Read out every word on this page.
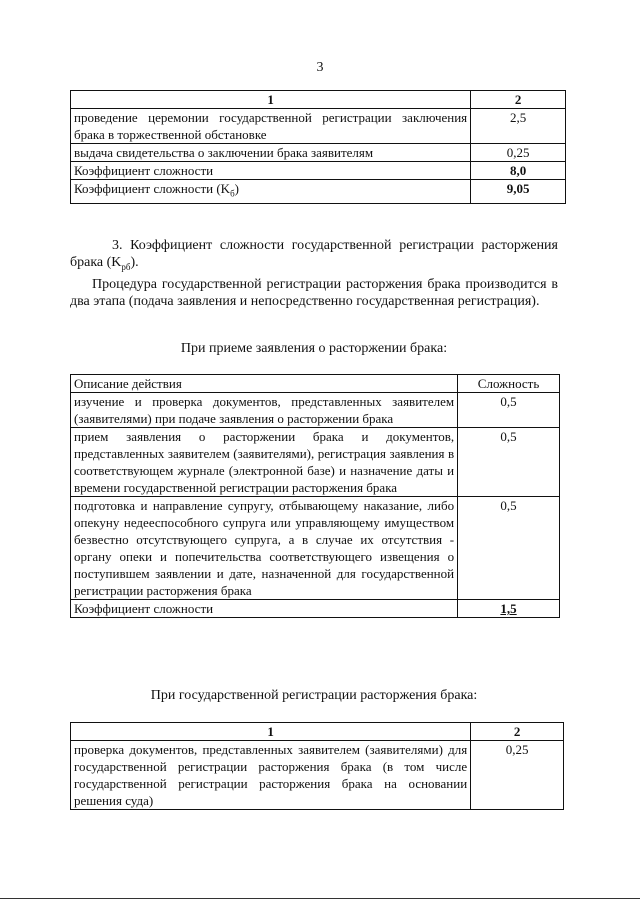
3
1	2
проведение церемонии государственной регистрации заключения брака в торжественной обстановке	2,5
выдача свидетельства о заключении брака заявителям	0,25
Коэффициент сложности	8,0
Коэффициент сложности $(K_б)$	9,05
3. Коэффициент сложности государственной регистрации расторжения брака $(K_{рб})$.
Процедура государственной регистрации расторжения брака производится в два этапа (подача заявления и непосредственно государственная регистрация).
При приеме заявления о расторжении брака:
Описание действия	Сложность
изучение и проверка документов, представленных заявителем (заявителями) при подаче заявления о расторжении брака	0,5
прием заявления о расторжении брака и документов, представленных заявителем (заявителями), регистрация заявления в соответствующем журнале (электронной базе) и назначение даты и времени государственной регистрации расторжения брака	0,5
подготовка и направление супругу, отбывающему наказание, либо опекуну недееспособного супруга или управляющему имуществом безвестно отсутствующего супруга, а в случае их отсутствия - органу опеки и попечительства соответствующего извещения о поступившем заявлении и дате, назначенной для государственной регистрации расторжения брака	0,5
Коэффициент сложности	1,5
При государственной регистрации расторжения брака:
1	2
проверка документов, представленных заявителем (заявителями) для государственной регистрации расторжения брака (в том числе государственной регистрации расторжения брака на основании решения суда)	0,25
